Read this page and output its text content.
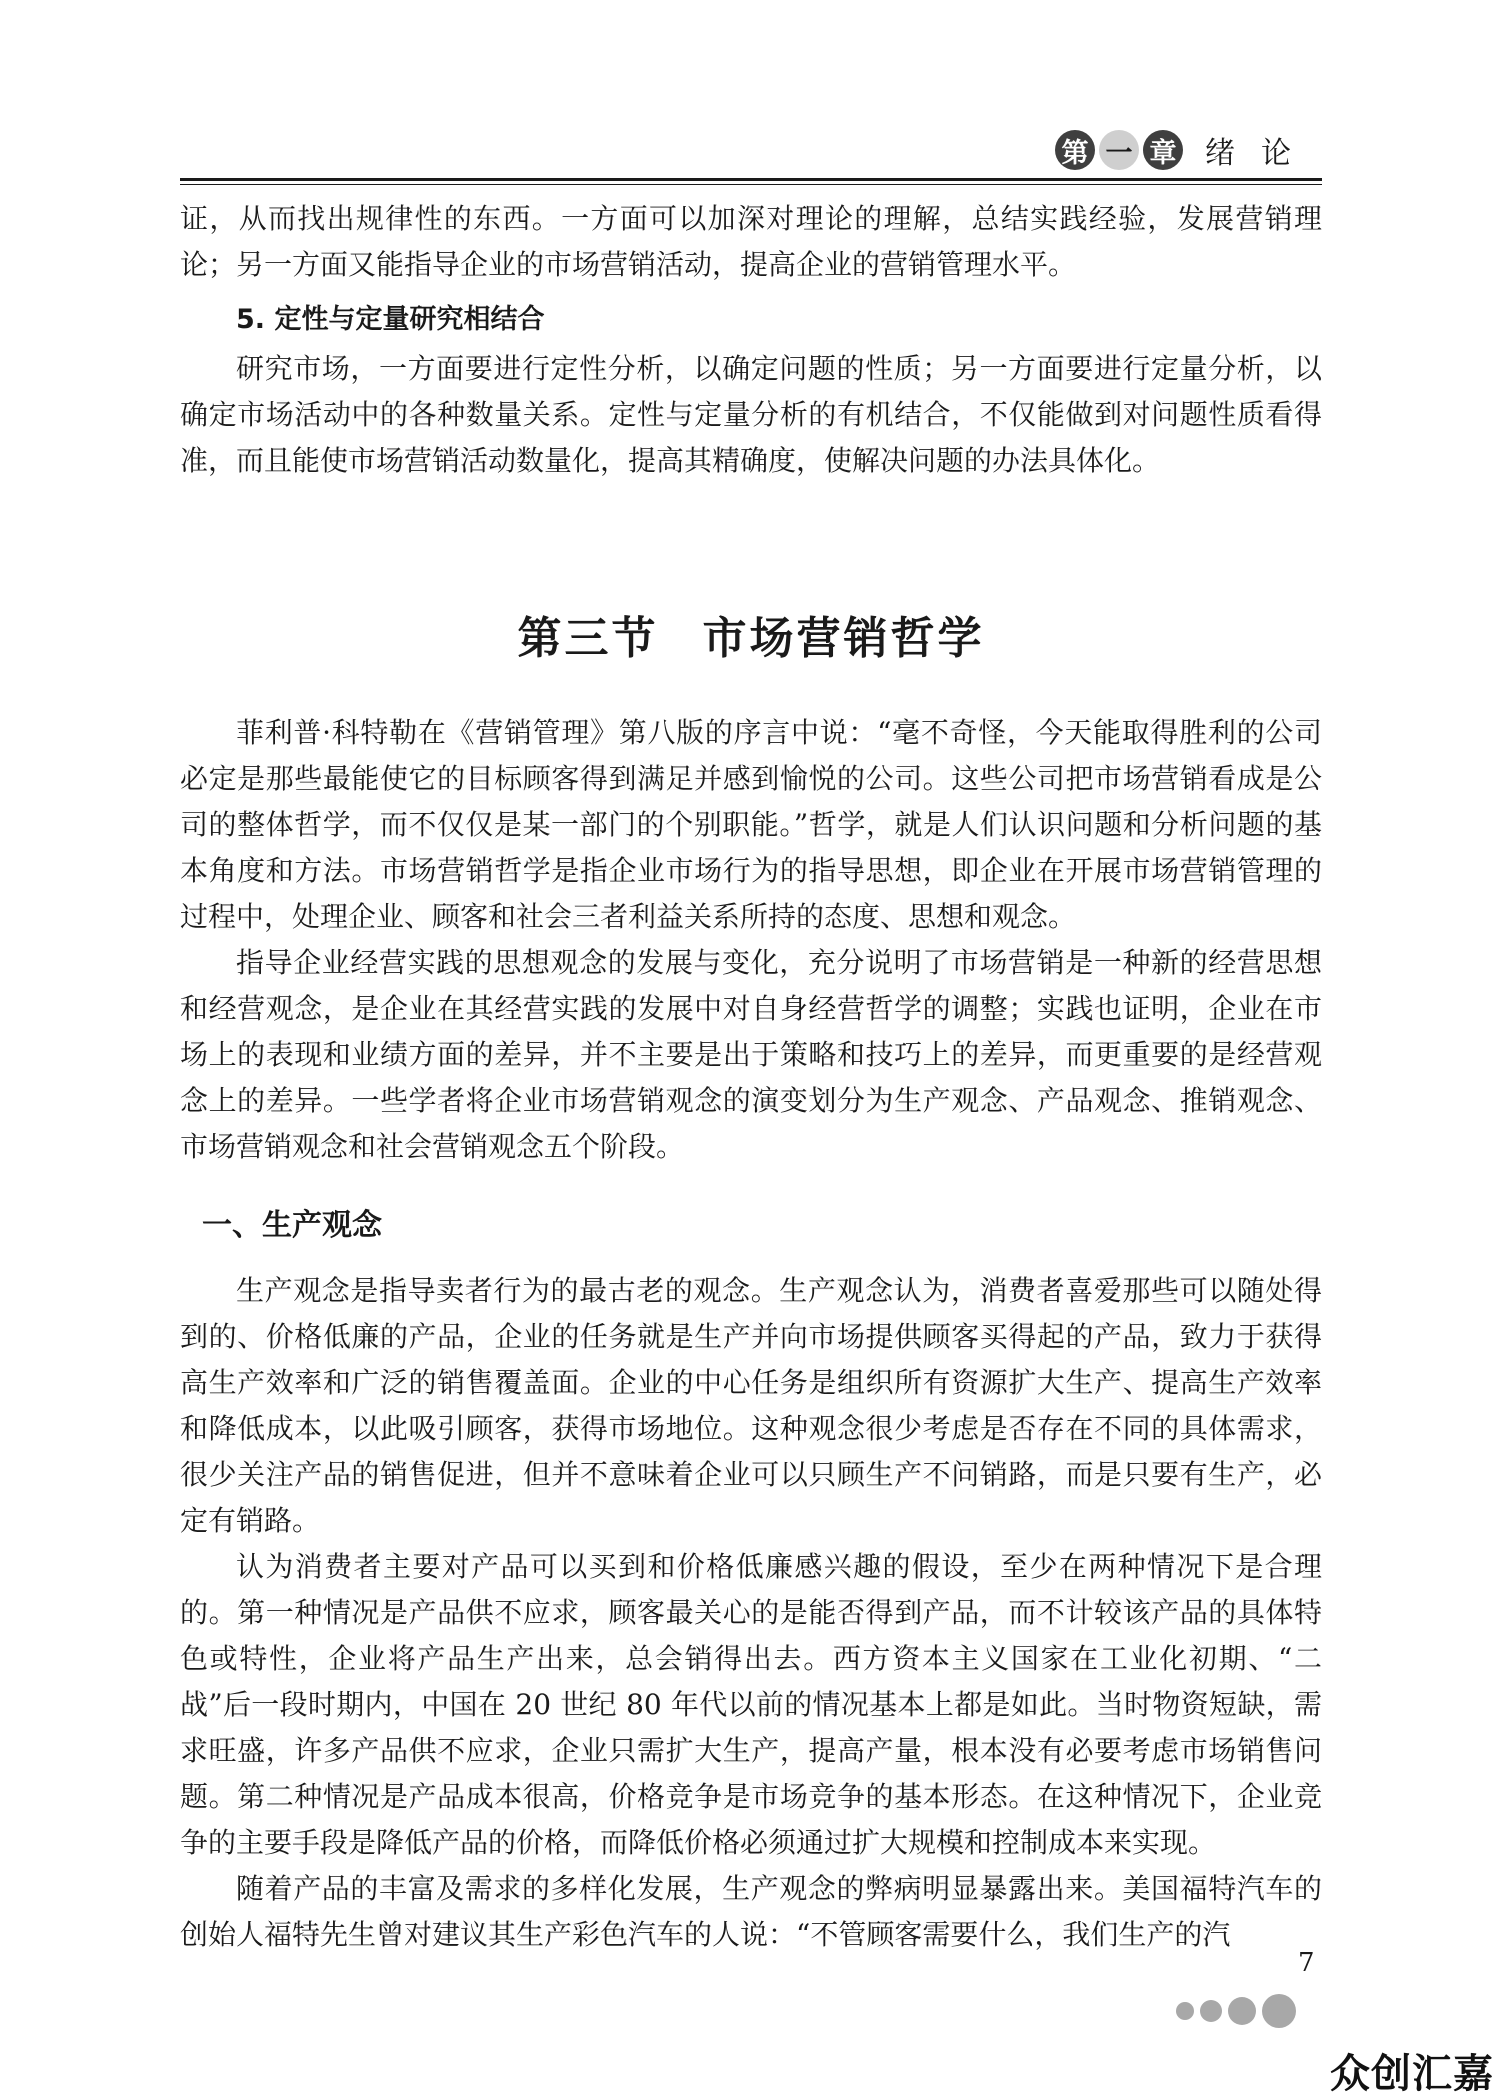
第 一 章 绪论

证，从而找出规律性的东西。一方面可以加深对理论的理解，总结实践经验，发展营销理论；另一方面又能指导企业的市场营销活动，提高企业的营销管理水平。

5. 定性与定量研究相结合

研究市场，一方面要进行定性分析，以确定问题的性质；另一方面要进行定量分析，以确定市场活动中的各种数量关系。定性与定量分析的有机结合，不仅能做到对问题性质看得准，而且能使市场营销活动数量化，提高其精确度，使解决问题的办法具体化。

第三节 市场营销哲学

菲利普·科特勒在《营销管理》第八版的序言中说：“毫不奇怪，今天能取得胜利的公司必定是那些最能使它的目标顾客得到满足并感到愉悦的公司。这些公司把市场营销看成是公司的整体哲学，而不仅仅是某一部门的个别职能。”哲学，就是人们认识问题和分析问题的基本角度和方法。市场营销哲学是指企业市场行为的指导思想，即企业在开展市场营销管理的过程中，处理企业、顾客和社会三者利益关系所持的态度、思想和观念。

指导企业经营实践的思想观念的发展与变化，充分说明了市场营销是一种新的经营思想和经营观念，是企业在其经营实践的发展中对自身经营哲学的调整；实践也证明，企业在市场上的表现和业绩方面的差异，并不主要是出于策略和技巧上的差异，而更重要的是经营观念上的差异。一些学者将企业市场营销观念的演变划分为生产观念、产品观念、推销观念、市场营销观念和社会营销观念五个阶段。

一、生产观念

生产观念是指导卖者行为的最古老的观念。生产观念认为，消费者喜爱那些可以随处得到的、价格低廉的产品，企业的任务就是生产并向市场提供顾客买得起的产品，致力于获得高生产效率和广泛的销售覆盖面。企业的中心任务是组织所有资源扩大生产、提高生产效率和降低成本，以此吸引顾客，获得市场地位。这种观念很少考虑是否存在不同的具体需求，很少关注产品的销售促进，但并不意味着企业可以只顾生产不问销路，而是只要有生产，必定有销路。

认为消费者主要对产品可以买到和价格低廉感兴趣的假设，至少在两种情况下是合理的。第一种情况是产品供不应求，顾客最关心的是能否得到产品，而不计较该产品的具体特色或特性，企业将产品生产出来，总会销得出去。西方资本主义国家在工业化初期、“二战”后一段时期内，中国在 20 世纪 80 年代以前的情况基本上都是如此。当时物资短缺，需求旺盛，许多产品供不应求，企业只需扩大生产，提高产量，根本没有必要考虑市场销售问题。第二种情况是产品成本很高，价格竞争是市场竞争的基本形态。在这种情况下，企业竞争的主要手段是降低产品的价格，而降低价格必须通过扩大规模和控制成本来实现。

随着产品的丰富及需求的多样化发展，生产观念的弊病明显暴露出来。美国福特汽车的创始人福特先生曾对建议其生产彩色汽车的人说：“不管顾客需要什么，我们生产的汽

7
众创汇嘉
